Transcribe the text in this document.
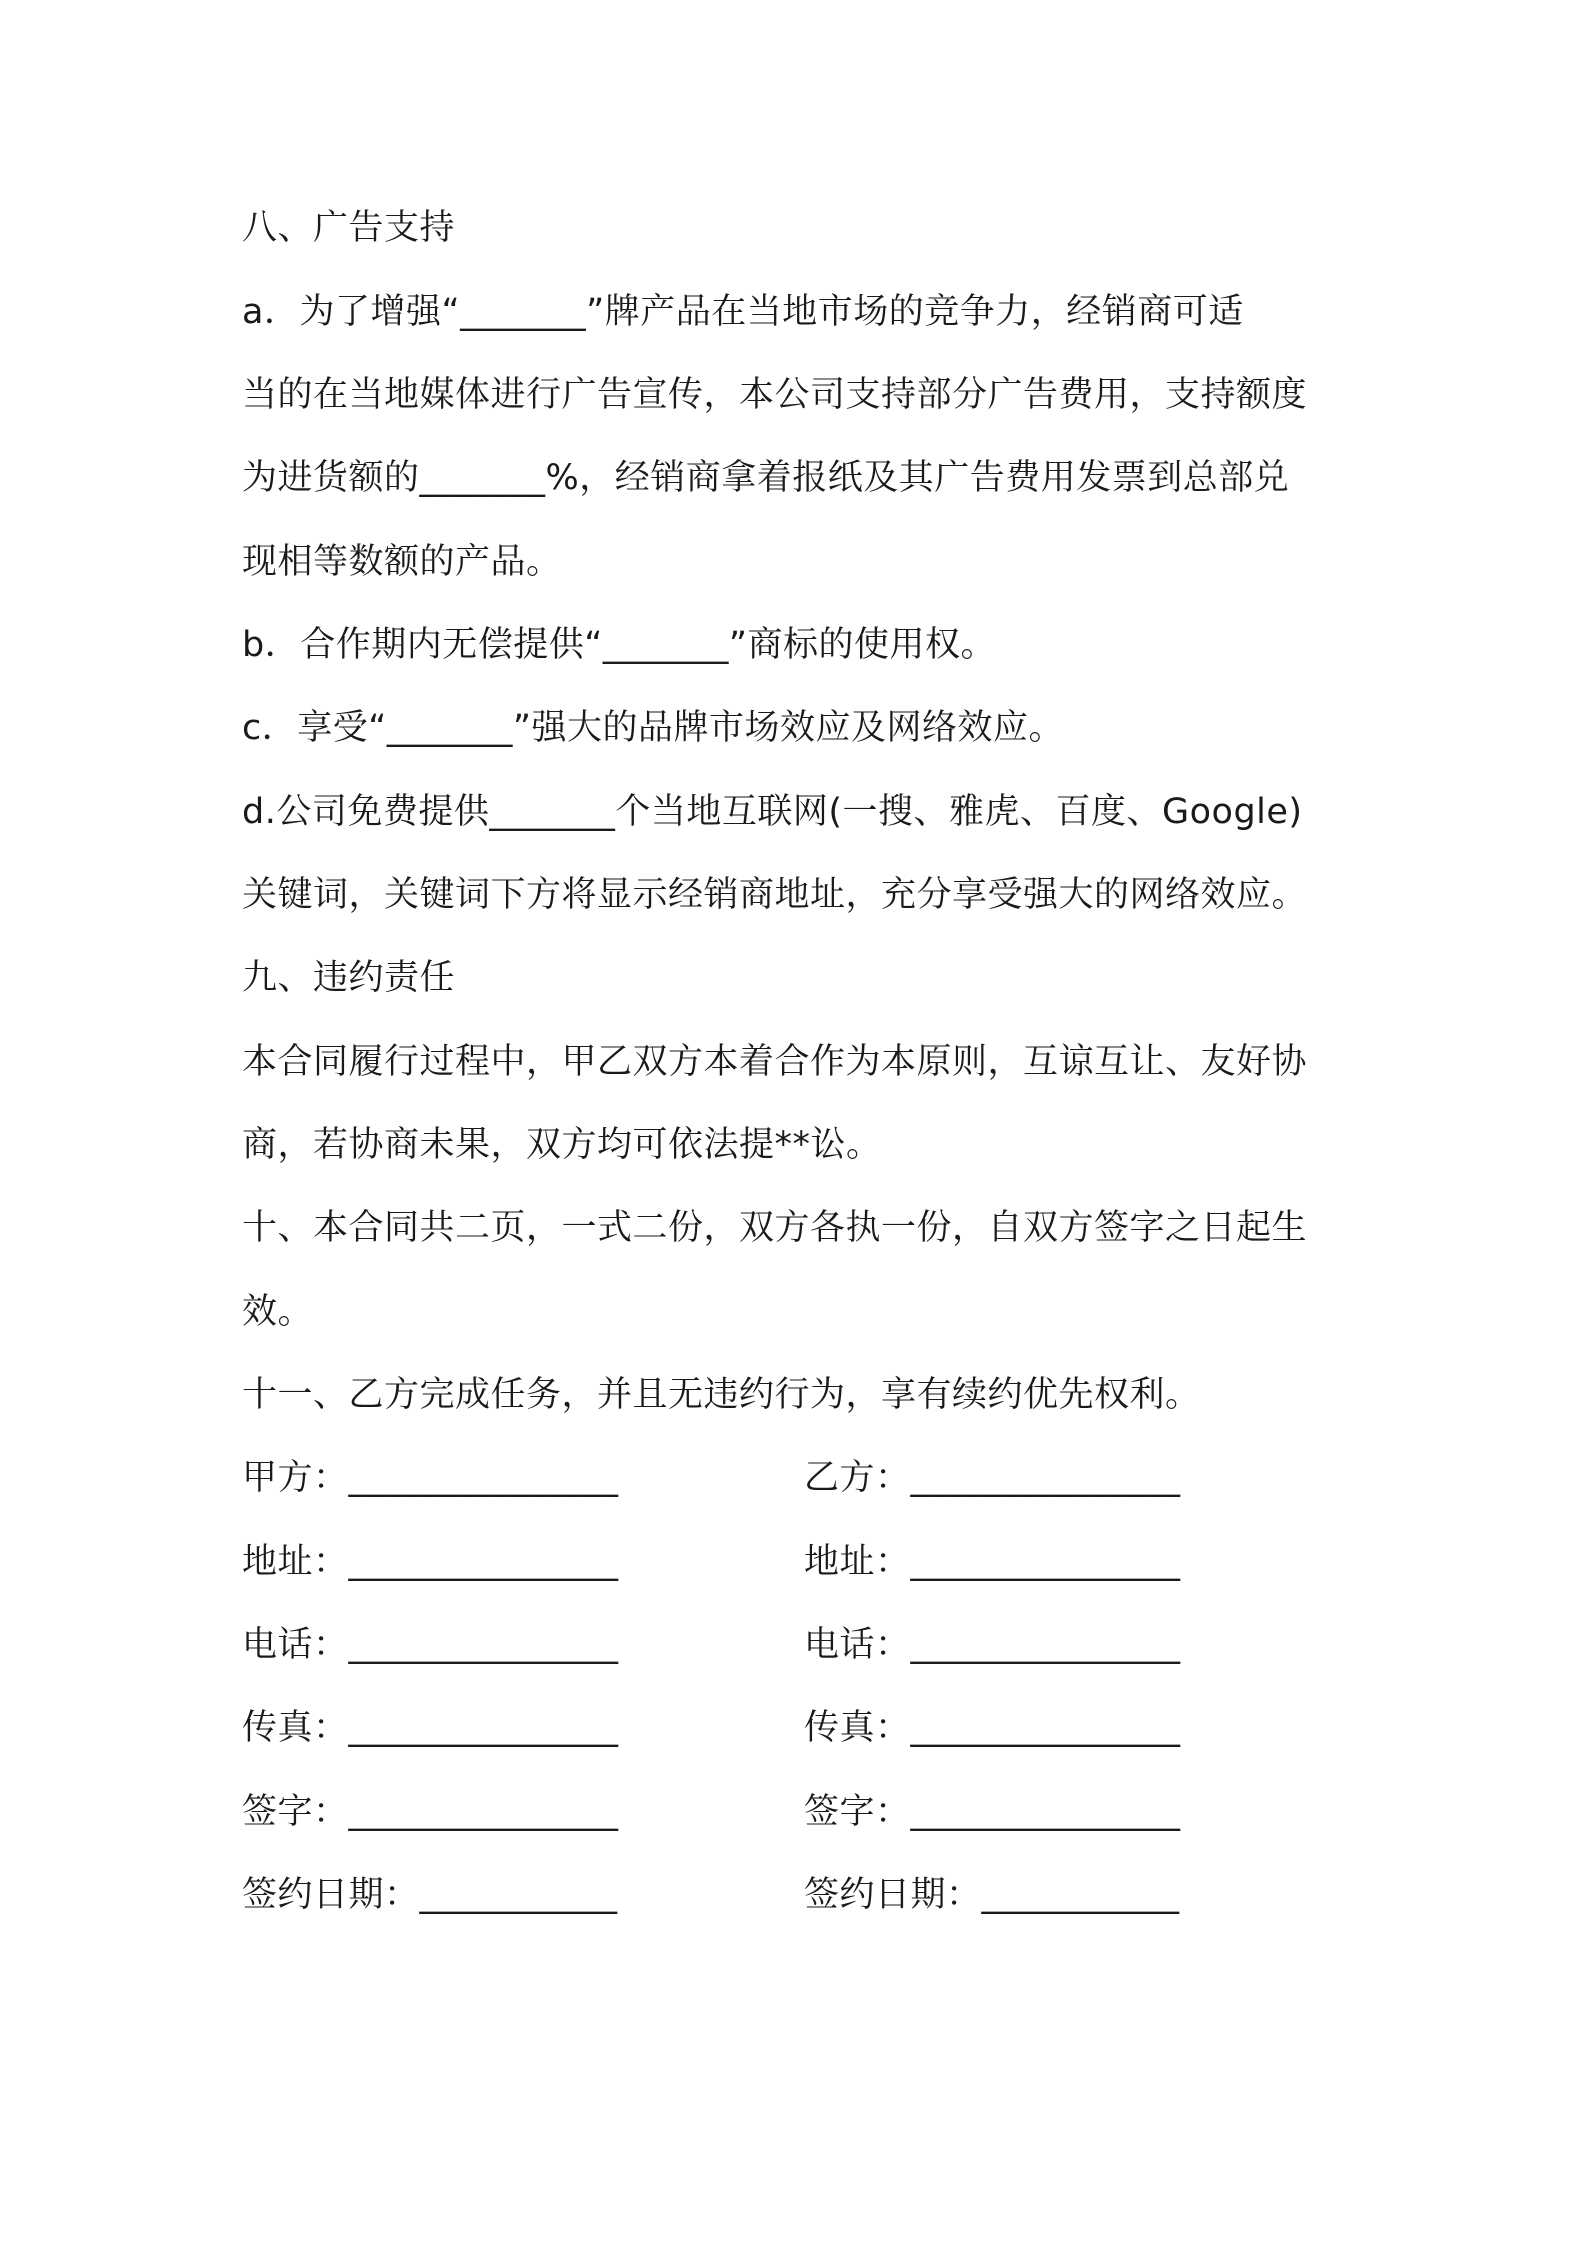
八、广告支持
a．为了增强“_______”牌产品在当地市场的竞争力，经销商可适
当的在当地媒体进行广告宣传，本公司支持部分广告费用，支持额度
为进货额的_______%，经销商拿着报纸及其广告费用发票到总部兑
现相等数额的产品。
b．合作期内无偿提供“_______”商标的使用权。
c．享受“_______”强大的品牌市场效应及网络效应。
d.公司免费提供_______个当地互联网(一搜、雅虎、百度、Google)
关键词，关键词下方将显示经销商地址，充分享受强大的网络效应。
九、违约责任
本合同履行过程中，甲乙双方本着合作为本原则，互谅互让、友好协
商，若协商未果，双方均可依法提**讼。
十、本合同共二页，一式二份，双方各执一份，自双方签字之日起生
效。
十一、乙方完成任务，并且无违约行为，享有续约优先权利。
甲方：_______________
地址：_______________
电话：_______________
传真：_______________
签字：_______________
签约日期：___________
乙方：_______________
地址：_______________
电话：_______________
传真：_______________
签字：_______________
签约日期：___________
